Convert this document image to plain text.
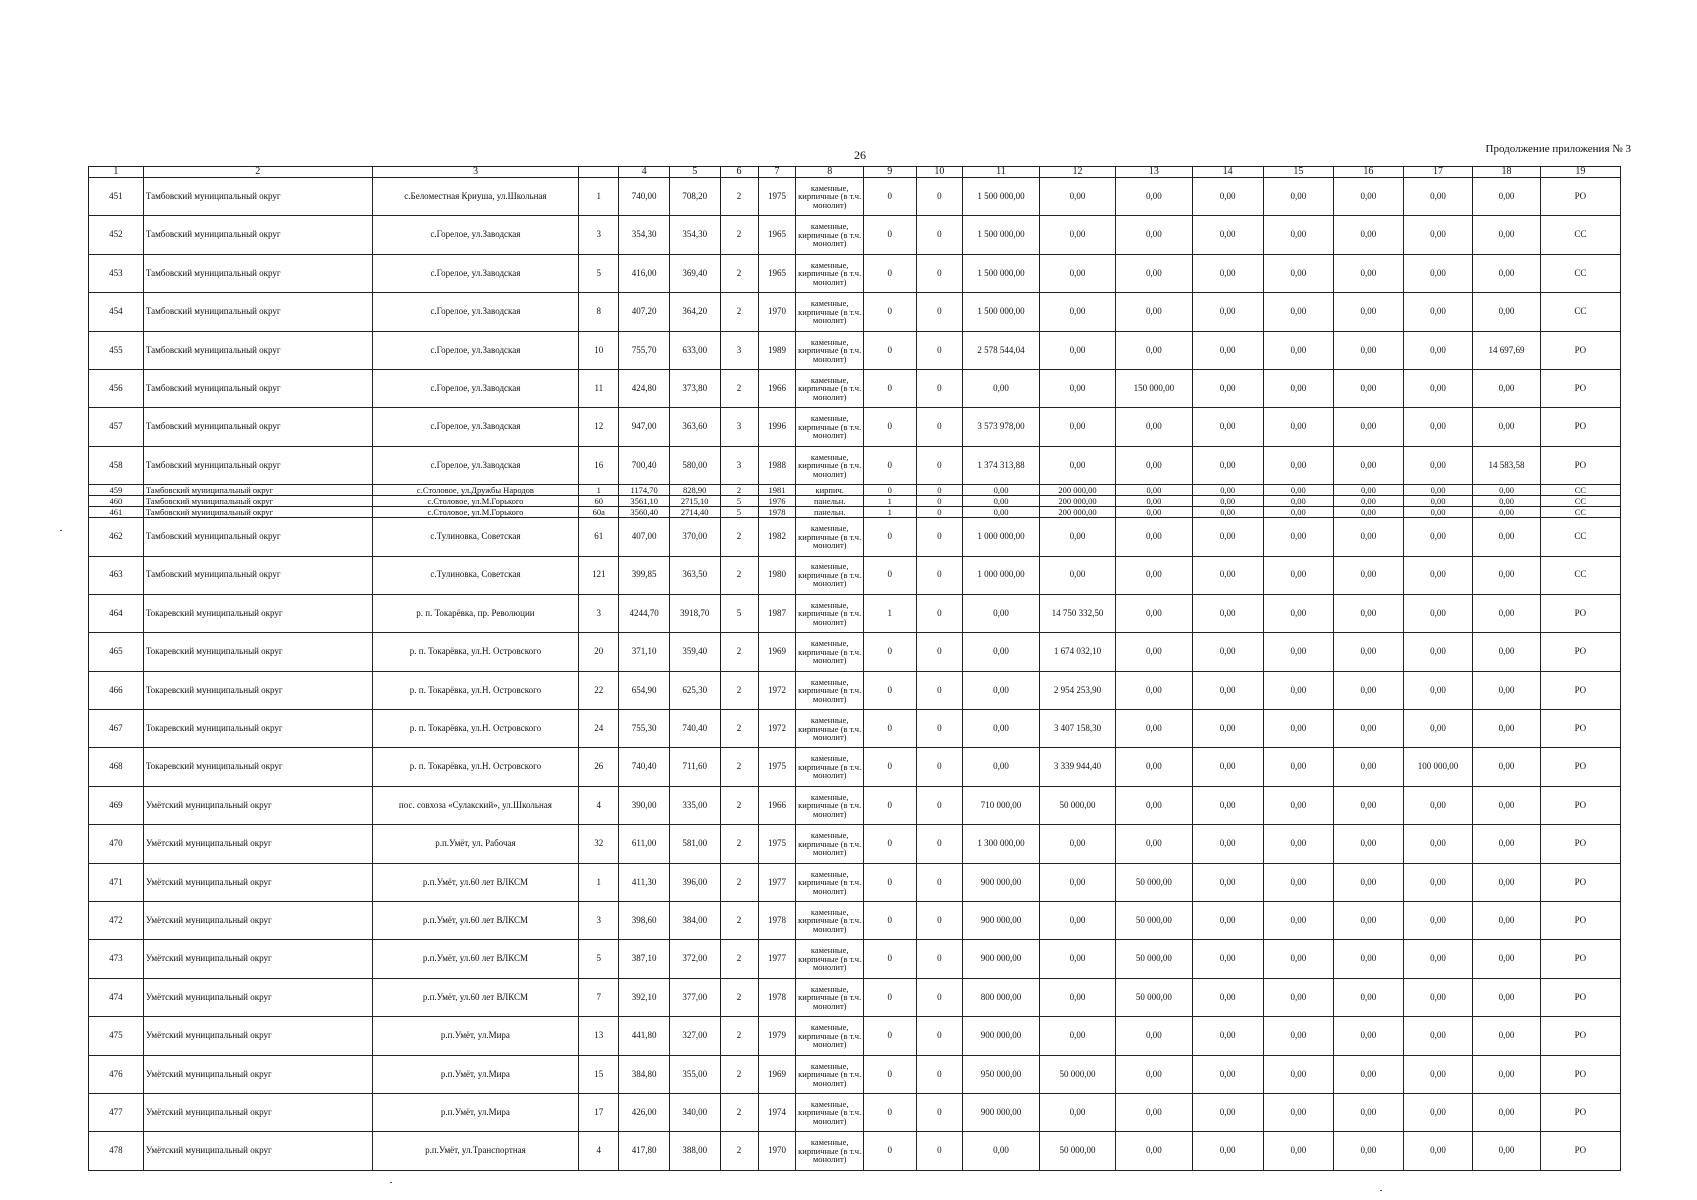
26	Продолжение приложения № 3
1	2	3		4	5	6	7	8	9	10	11	12	13	14	15	16	17	18	19
451	Тамбовский муниципальный округ	с.Беломестная Криуша, ул.Школьная	1	740,00	708,20	2	1975	каменные, кирпичные (в т.ч. монолит)	0	0	1 500 000,00	0,00	0,00	0,00	0,00	0,00	0,00	0,00	РО
452	Тамбовский муниципальный округ	с.Горелое, ул.Заводская	3	354,30	354,30	2	1965	каменные, кирпичные (в т.ч. монолит)	0	0	1 500 000,00	0,00	0,00	0,00	0,00	0,00	0,00	0,00	СС
453	Тамбовский муниципальный округ	с.Горелое, ул.Заводская	5	416,00	369,40	2	1965	каменные, кирпичные (в т.ч. монолит)	0	0	1 500 000,00	0,00	0,00	0,00	0,00	0,00	0,00	0,00	СС
454	Тамбовский муниципальный округ	с.Горелое, ул.Заводская	8	407,20	364,20	2	1970	каменные, кирпичные (в т.ч. монолит)	0	0	1 500 000,00	0,00	0,00	0,00	0,00	0,00	0,00	0,00	СС
455	Тамбовский муниципальный округ	с.Горелое, ул.Заводская	10	755,70	633,00	3	1989	каменные, кирпичные (в т.ч. монолит)	0	0	2 578 544,04	0,00	0,00	0,00	0,00	0,00	0,00	14 697,69	РО
456	Тамбовский муниципальный округ	с.Горелое, ул.Заводская	11	424,80	373,80	2	1966	каменные, кирпичные (в т.ч. монолит)	0	0	0,00	0,00	150 000,00	0,00	0,00	0,00	0,00	0,00	РО
457	Тамбовский муниципальный округ	с.Горелое, ул.Заводская	12	947,00	363,60	3	1996	каменные, кирпичные (в т.ч. монолит)	0	0	3 573 978,00	0,00	0,00	0,00	0,00	0,00	0,00	0,00	РО
458	Тамбовский муниципальный округ	с.Горелое, ул.Заводская	16	700,40	580,00	3	1988	каменные, кирпичные (в т.ч. монолит)	0	0	1 374 313,88	0,00	0,00	0,00	0,00	0,00	0,00	14 583,58	РО
459	Тамбовский муниципальный округ	с.Столовое, ул.Дружбы Народов	1	1174,70	828,90	2	1981	кирпич.	0	0	0,00	200 000,00	0,00	0,00	0,00	0,00	0,00	0,00	СС
460	Тамбовский муниципальный округ	с.Столовое, ул.М.Горького	60	3561,10	2715,10	5	1976	панельн.	1	0	0,00	200 000,00	0,00	0,00	0,00	0,00	0,00	0,00	СС
461	Тамбовский муниципальный округ	с.Столовое, ул.М.Горького	60а	3560,40	2714,40	5	1978	панельн.	1	0	0,00	200 000,00	0,00	0,00	0,00	0,00	0,00	0,00	СС
462	Тамбовский муниципальный округ	с.Тулиновка, Советская	61	407,00	370,00	2	1982	каменные, кирпичные (в т.ч. монолит)	0	0	1 000 000,00	0,00	0,00	0,00	0,00	0,00	0,00	0,00	СС
463	Тамбовский муниципальный округ	с.Тулиновка, Советская	121	399,85	363,50	2	1980	каменные, кирпичные (в т.ч. монолит)	0	0	1 000 000,00	0,00	0,00	0,00	0,00	0,00	0,00	0,00	СС
464	Токаревский муниципальный округ	р. п. Токарёвка, пр. Революции	3	4244,70	3918,70	5	1987	каменные, кирпичные (в т.ч. монолит)	1	0	0,00	14 750 332,50	0,00	0,00	0,00	0,00	0,00	0,00	РО
465	Токаревский муниципальный округ	р. п. Токарёвка, ул.Н. Островского	20	371,10	359,40	2	1969	каменные, кирпичные (в т.ч. монолит)	0	0	0,00	1 674 032,10	0,00	0,00	0,00	0,00	0,00	0,00	РО
466	Токаревский муниципальный округ	р. п. Токарёвка, ул.Н. Островского	22	654,90	625,30	2	1972	каменные, кирпичные (в т.ч. монолит)	0	0	0,00	2 954 253,90	0,00	0,00	0,00	0,00	0,00	0,00	РО
467	Токаревский муниципальный округ	р. п. Токарёвка, ул.Н. Островского	24	755,30	740,40	2	1972	каменные, кирпичные (в т.ч. монолит)	0	0	0,00	3 407 158,30	0,00	0,00	0,00	0,00	0,00	0,00	РО
468	Токаревский муниципальный округ	р. п. Токарёвка, ул.Н. Островского	26	740,40	711,60	2	1975	каменные, кирпичные (в т.ч. монолит)	0	0	0,00	3 339 944,40	0,00	0,00	0,00	0,00	100 000,00	0,00	РО
469	Умётский муниципальный округ	пос. совхоза «Сулакский», ул.Школьная	4	390,00	335,00	2	1966	каменные, кирпичные (в т.ч. монолит)	0	0	710 000,00	50 000,00	0,00	0,00	0,00	0,00	0,00	0,00	РО
470	Умётский муниципальный округ	р.п.Умёт, ул. Рабочая	32	611,00	581,00	2	1975	каменные, кирпичные (в т.ч. монолит)	0	0	1 300 000,00	0,00	0,00	0,00	0,00	0,00	0,00	0,00	РО
471	Умётский муниципальный округ	р.п.Умёт, ул.60 лет ВЛКСМ	1	411,30	396,00	2	1977	каменные, кирпичные (в т.ч. монолит)	0	0	900 000,00	0,00	50 000,00	0,00	0,00	0,00	0,00	0,00	РО
472	Умётский муниципальный округ	р.п.Умёт, ул.60 лет ВЛКСМ	3	398,60	384,00	2	1978	каменные, кирпичные (в т.ч. монолит)	0	0	900 000,00	0,00	50 000,00	0,00	0,00	0,00	0,00	0,00	РО
473	Умётский муниципальный округ	р.п.Умёт, ул.60 лет ВЛКСМ	5	387,10	372,00	2	1977	каменные, кирпичные (в т.ч. монолит)	0	0	900 000,00	0,00	50 000,00	0,00	0,00	0,00	0,00	0,00	РО
474	Умётский муниципальный округ	р.п.Умёт, ул.60 лет ВЛКСМ	7	392,10	377,00	2	1978	каменные, кирпичные (в т.ч. монолит)	0	0	800 000,00	0,00	50 000,00	0,00	0,00	0,00	0,00	0,00	РО
475	Умётский муниципальный округ	р.п.Умёт, ул.Мира	13	441,80	327,00	2	1979	каменные, кирпичные (в т.ч. монолит)	0	0	900 000,00	0,00	0,00	0,00	0,00	0,00	0,00	0,00	РО
476	Умётский муниципальный округ	р.п.Умёт, ул.Мира	15	384,80	355,00	2	1969	каменные, кирпичные (в т.ч. монолит)	0	0	950 000,00	50 000,00	0,00	0,00	0,00	0,00	0,00	0,00	РО
477	Умётский муниципальный округ	р.п.Умёт, ул.Мира	17	426,00	340,00	2	1974	каменные, кирпичные (в т.ч. монолит)	0	0	900 000,00	0,00	0,00	0,00	0,00	0,00	0,00	0,00	РО
478	Умётский муниципальный округ	р.п.Умёт, ул.Транспортная	4	417,80	388,00	2	1970	каменные, кирпичные (в т.ч. монолит)	0	0	0,00	50 000,00	0,00	0,00	0,00	0,00	0,00	0,00	РО
